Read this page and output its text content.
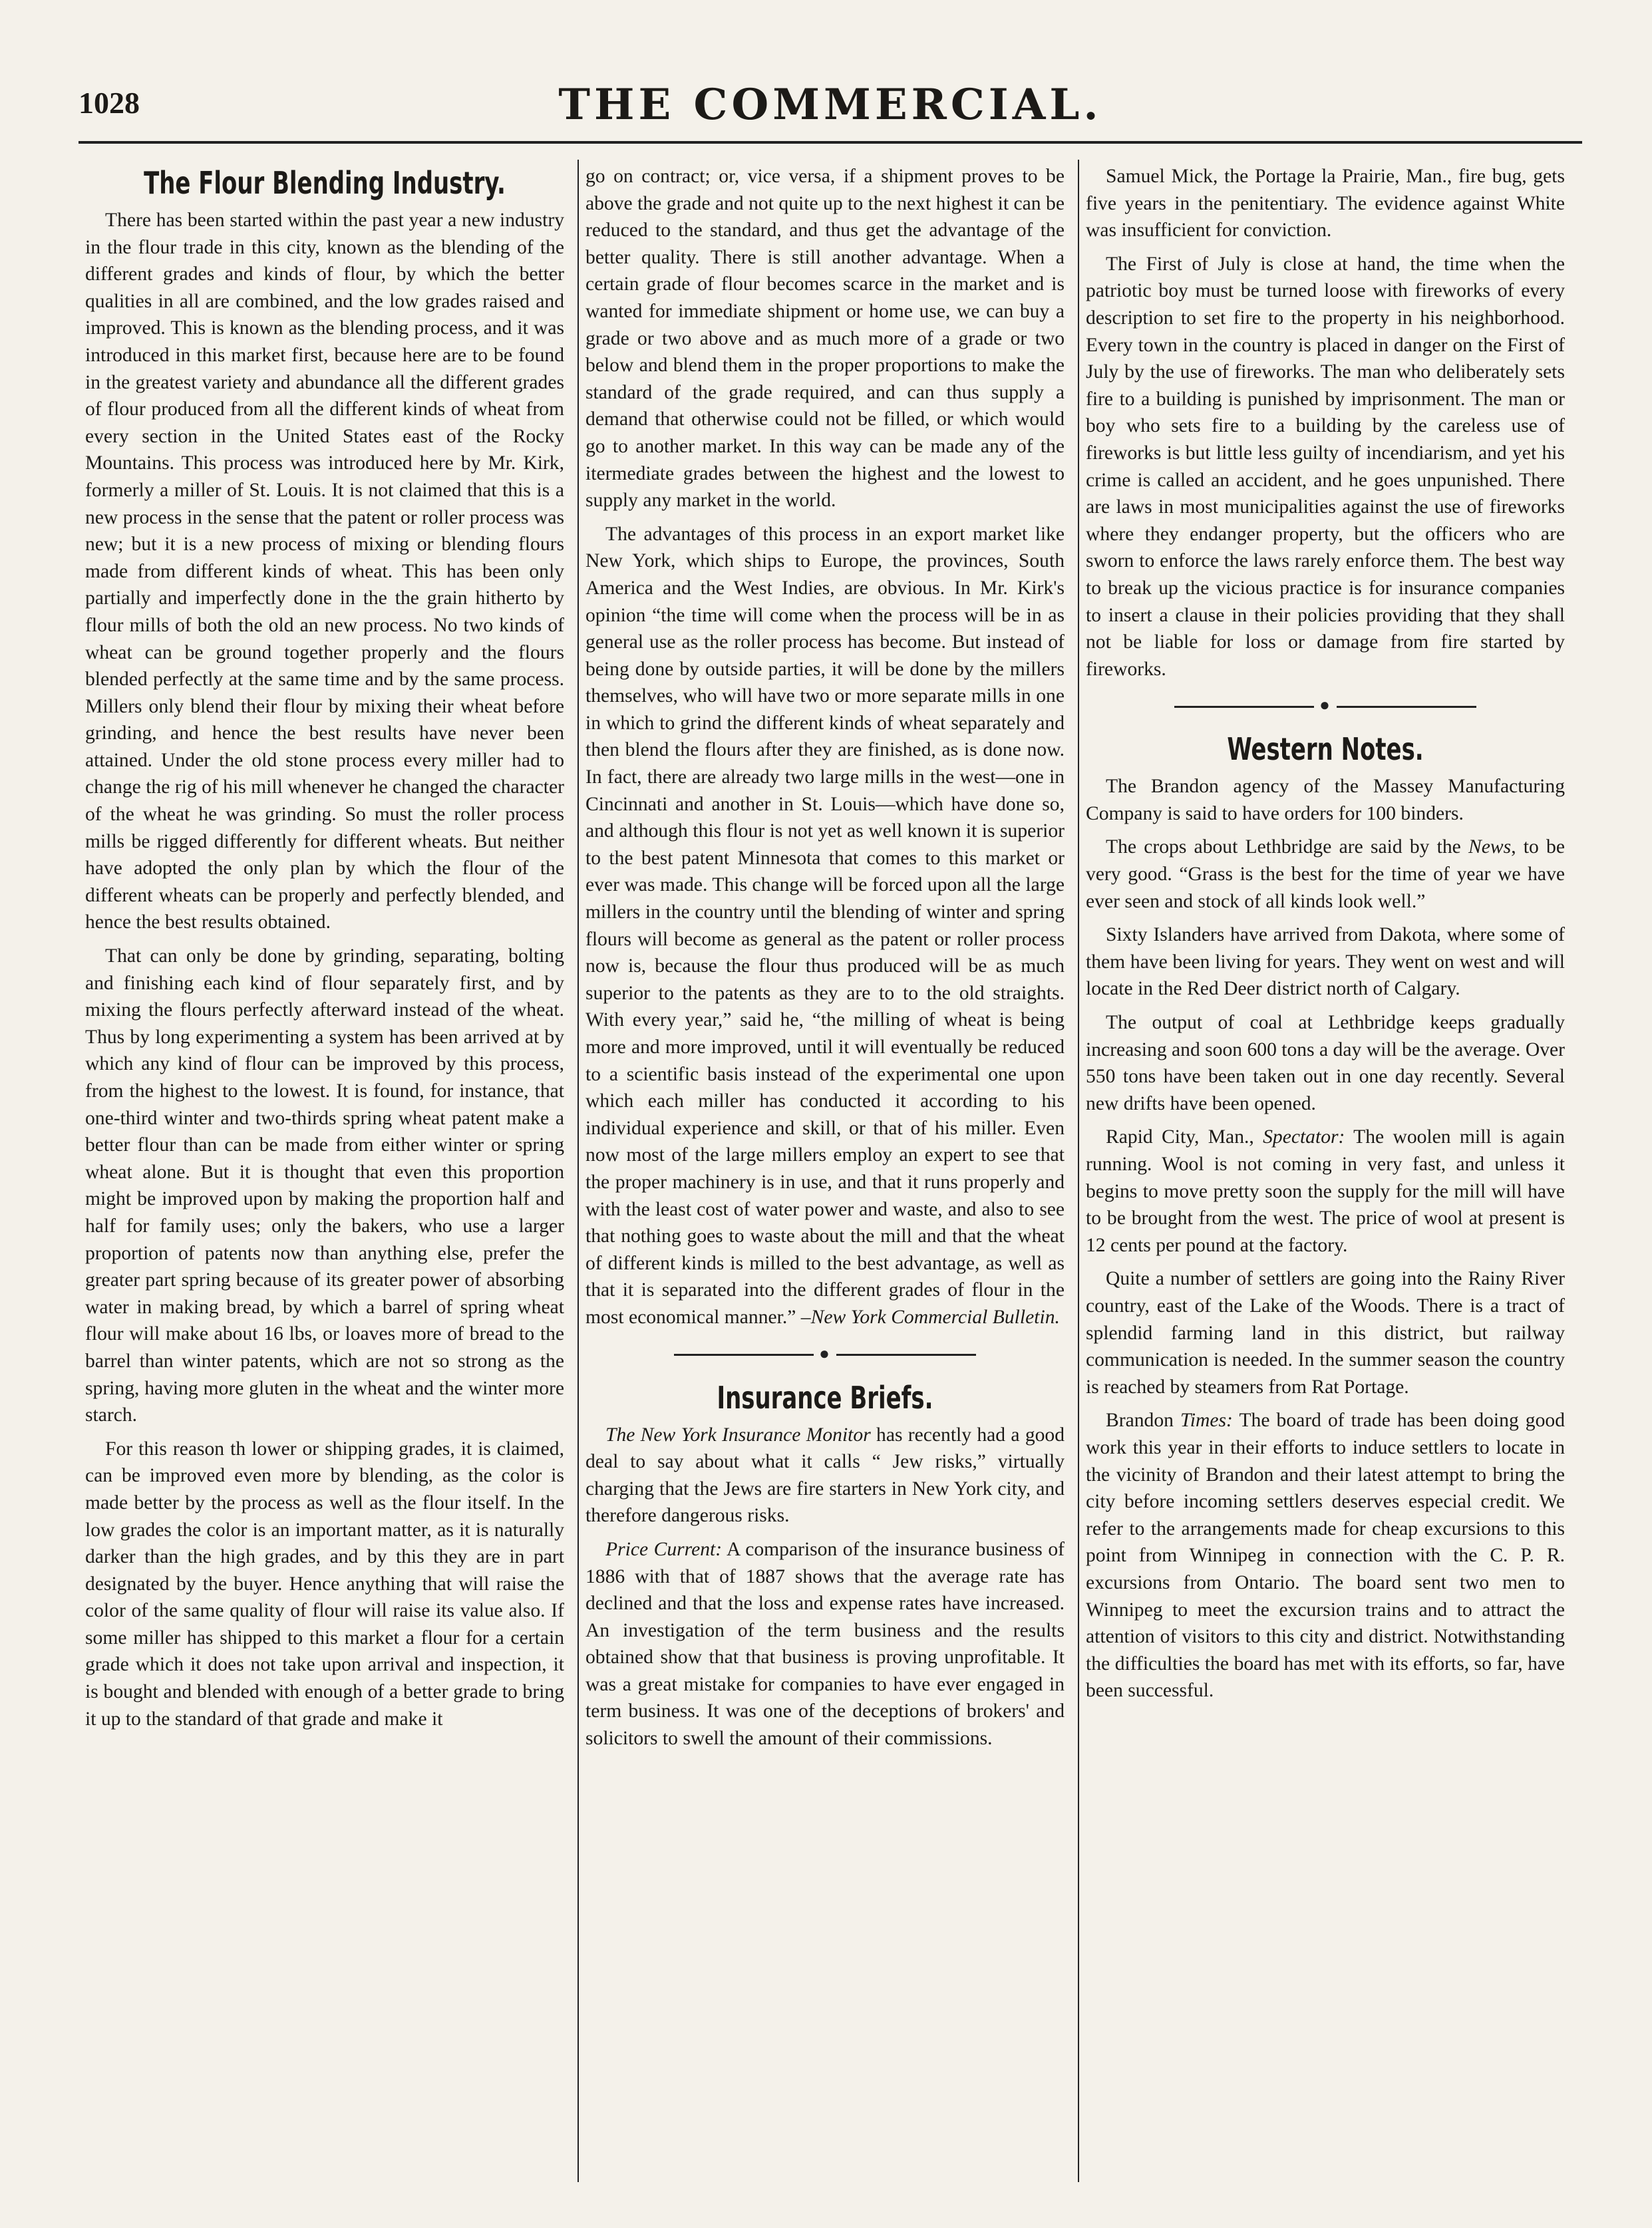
1028	THE COMMERCIAL.
The Flour Blending Industry.

There has been started within the past year a new industry in the flour trade in this city, known as the blending of the different grades and kinds of flour, by which the better qualities in all are combined, and the low grades raised and improved. This is known as the blending process, and it was introduced in this market first, because here are to be found in the greatest variety and abundance all the different grades of flour produced from all the different kinds of wheat from every section in the United States east of the Rocky Mountains. This process was introduced here by Mr. Kirk, formerly a miller of St. Louis. It is not claimed that this is a new process in the sense that the patent or roller process was new; but it is a new process of mixing or blending flours made from different kinds of wheat. This has been only partially and imperfectly done in the the grain hitherto by flour mills of both the old an new process. No two kinds of wheat can be ground together properly and the flours blended perfectly at the same time and by the same process. Millers only blend their flour by mixing their wheat before grinding, and hence the best results have never been attained. Under the old stone process every miller had to change the rig of his mill whenever he changed the character of the wheat he was grinding. So must the roller process mills be rigged differently for different wheats. But neither have adopted the only plan by which the flour of the different wheats can be properly and perfectly blended, and hence the best results obtained.

That can only be done by grinding, separating, bolting and finishing each kind of flour separately first, and by mixing the flours perfectly afterward instead of the wheat. Thus by long experimenting a system has been arrived at by which any kind of flour can be improved by this process, from the highest to the lowest. It is found, for instance, that one-third winter and two-thirds spring wheat patent make a better flour than can be made from either winter or spring wheat alone. But it is thought that even this proportion might be improved upon by making the proportion half and half for family uses; only the bakers, who use a larger proportion of patents now than anything else, prefer the greater part spring because of its greater power of absorbing water in making bread, by which a barrel of spring wheat flour will make about 16 lbs, or loaves more of bread to the barrel than winter patents, which are not so strong as the spring, having more gluten in the wheat and the winter more starch.

For this reason th lower or shipping grades, it is claimed, can be improved even more by blending, as the color is made better by the process as well as the flour itself. In the low grades the color is an important matter, as it is naturally darker than the high grades, and by this they are in part designated by the buyer. Hence anything that will raise the color of the same quality of flour will raise its value also. If some miller has shipped to this market a flour for a certain grade which it does not take upon arrival and inspection, it is bought and blended with enough of a better grade to bring it up to the standard of that grade and make it

go on contract; or, vice versa, if a shipment proves to be above the grade and not quite up to the next highest it can be reduced to the standard, and thus get the advantage of the better quality. There is still another advantage. When a certain grade of flour becomes scarce in the market and is wanted for immediate shipment or home use, we can buy a grade or two above and as much more of a grade or two below and blend them in the proper proportions to make the standard of the grade required, and can thus supply a demand that otherwise could not be filled, or which would go to another market. In this way can be made any of the itermediate grades between the highest and the lowest to supply any market in the world.

The advantages of this process in an export market like New York, which ships to Europe, the provinces, South America and the West Indies, are obvious. In Mr. Kirk's opinion “the time will come when the process will be in as general use as the roller process has become. But instead of being done by outside parties, it will be done by the millers themselves, who will have two or more separate mills in one in which to grind the different kinds of wheat separately and then blend the flours after they are finished, as is done now. In fact, there are already two large mills in the west—one in Cincinnati and another in St. Louis—which have done so, and although this flour is not yet as well known it is superior to the best patent Minnesota that comes to this market or ever was made. This change will be forced upon all the large millers in the country until the blending of winter and spring flours will become as general as the patent or roller process now is, because the flour thus produced will be as much superior to the patents as they are to to the old straights. With every year,” said he, “the milling of wheat is being more and more improved, until it will eventually be reduced to a scientific basis instead of the experimental one upon which each miller has conducted it according to his individual experience and skill, or that of his miller. Even now most of the large millers employ an expert to see that the proper machinery is in use, and that it runs properly and with the least cost of water power and waste, and also to see that nothing goes to waste about the mill and that the wheat of different kinds is milled to the best advantage, as well as that it is separated into the different grades of flour in the most economical manner.” –New York Commercial Bulletin.

●
Insurance Briefs.

The New York Insurance Monitor has recently had a good deal to say about what it calls “ Jew risks,” virtually charging that the Jews are fire starters in New York city, and therefore dangerous risks.

Price Current: A comparison of the insurance business of 1886 with that of 1887 shows that the average rate has declined and that the loss and expense rates have increased. An investigation of the term business and the results obtained show that that business is proving unprofitable. It was a great mistake for companies to have ever engaged in term business. It was one of the deceptions of brokers' and solicitors to swell the amount of their commissions.

Samuel Mick, the Portage la Prairie, Man., fire bug, gets five years in the penitentiary. The evidence against White was insufficient for conviction.

The First of July is close at hand, the time when the patriotic boy must be turned loose with fireworks of every description to set fire to the property in his neighborhood. Every town in the country is placed in danger on the First of July by the use of fireworks. The man who deliberately sets fire to a building is punished by imprisonment. The man or boy who sets fire to a building by the careless use of fireworks is but little less guilty of incendiarism, and yet his crime is called an accident, and he goes unpunished. There are laws in most municipalities against the use of fireworks where they endanger property, but the officers who are sworn to enforce the laws rarely enforce them. The best way to break up the vicious practice is for insurance companies to insert a clause in their policies providing that they shall not be liable for loss or damage from fire started by fireworks.

●
Western Notes.

The Brandon agency of the Massey Manufacturing Company is said to have orders for 100 binders.

The crops about Lethbridge are said by the News, to be very good. “Grass is the best for the time of year we have ever seen and stock of all kinds look well.”

Sixty Islanders have arrived from Dakota, where some of them have been living for years. They went on west and will locate in the Red Deer district north of Calgary.

The output of coal at Lethbridge keeps gradually increasing and soon 600 tons a day will be the average. Over 550 tons have been taken out in one day recently. Several new drifts have been opened.

Rapid City, Man., Spectator: The woolen mill is again running. Wool is not coming in very fast, and unless it begins to move pretty soon the supply for the mill will have to be brought from the west. The price of wool at present is 12 cents per pound at the factory.

Quite a number of settlers are going into the Rainy River country, east of the Lake of the Woods. There is a tract of splendid farming land in this district, but railway communication is needed. In the summer season the country is reached by steamers from Rat Portage.

Brandon Times: The board of trade has been doing good work this year in their efforts to induce settlers to locate in the vicinity of Brandon and their latest attempt to bring the city before incoming settlers deserves especial credit. We refer to the arrangements made for cheap excursions to this point from Winnipeg in connection with the C. P. R. excursions from Ontario. The board sent two men to Winnipeg to meet the excursion trains and to attract the attention of visitors to this city and district. Notwithstanding the difficulties the board has met with its efforts, so far, have been successful.
